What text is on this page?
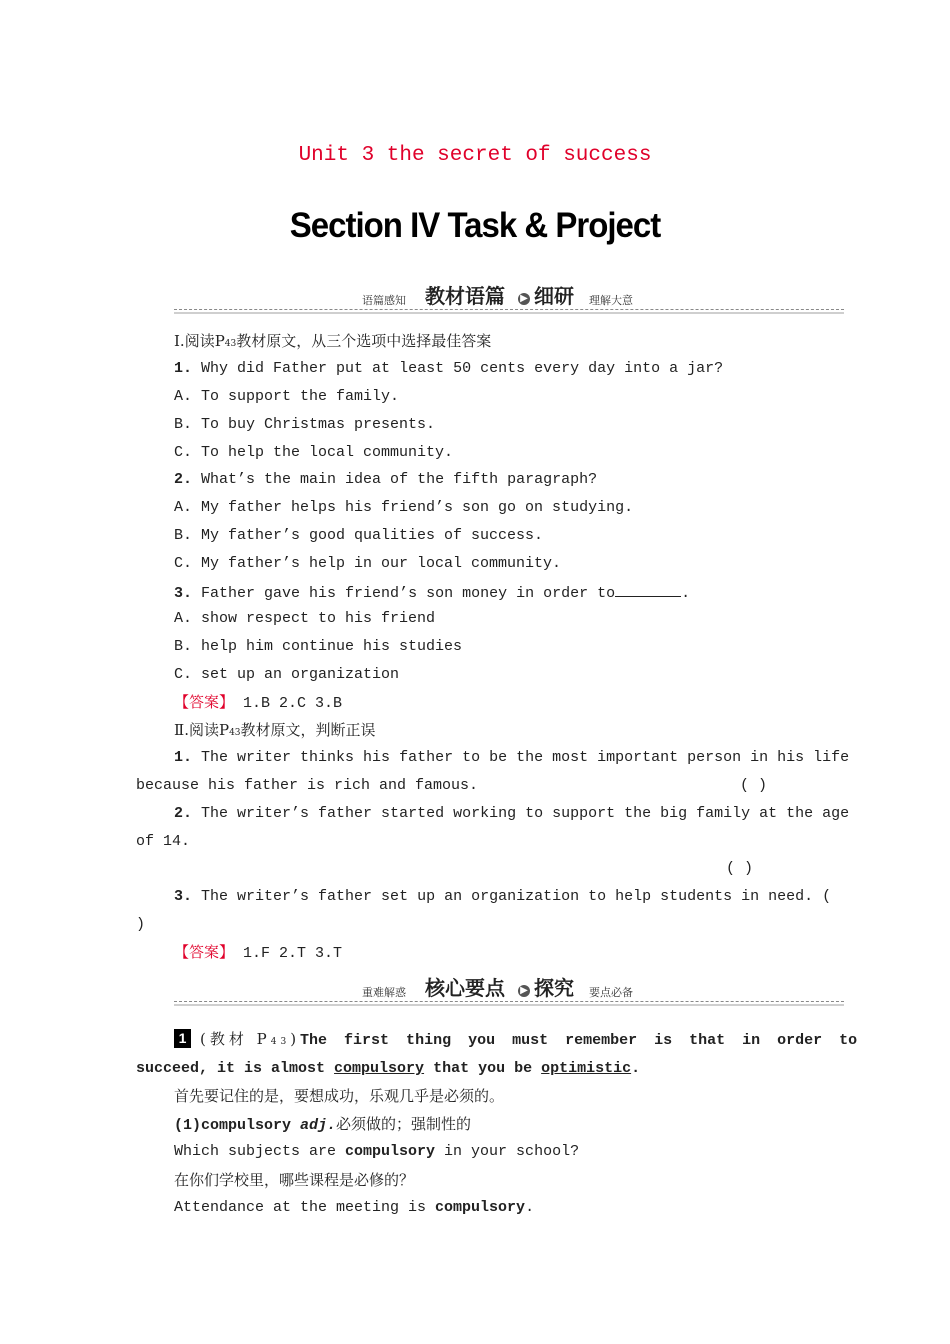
Unit 3 the secret of success
Section IV Task & Project
语篇感知 教材语篇 ▶ 细研 理解大意
Ⅰ.阅读P43教材原文，从三个选项中选择最佳答案
1. Why did Father put at least 50 cents every day into a jar?
A. To support the family.
B. To buy Christmas presents.
C. To help the local community.
2. What’s the main idea of the fifth paragraph?
A. My father helps his friend’s son go on studying.
B. My father’s good qualities of success.
C. My father’s help in our local community.
3. Father gave his friend’s son money in order to	.
A. show respect to his friend
B. help him continue his studies
C. set up an organization
【答案】 1.B 2.C 3.B
Ⅱ.阅读P43教材原文，判断正误
1. The writer thinks his father to be the most important person in his life
because his father is rich and famous.	( )
2. The writer’s father started working to support the big family at the age
of 14.
( )
3. The writer’s father set up an organization to help students in need. (
)
【答案】 1.F 2.T 3.T
重难解惑 核心要点 ▶ 探究 要点必备
1 (教材 P43)The first thing you must remember is that in order to
succeed, it is almost compulsory that you be optimistic.
首先要记住的是，要想成功，乐观几乎是必须的。
(1)compulsory adj.必须做的；强制性的
Which subjects are compulsory in your school?
在你们学校里，哪些课程是必修的？
Attendance at the meeting is compulsory.
